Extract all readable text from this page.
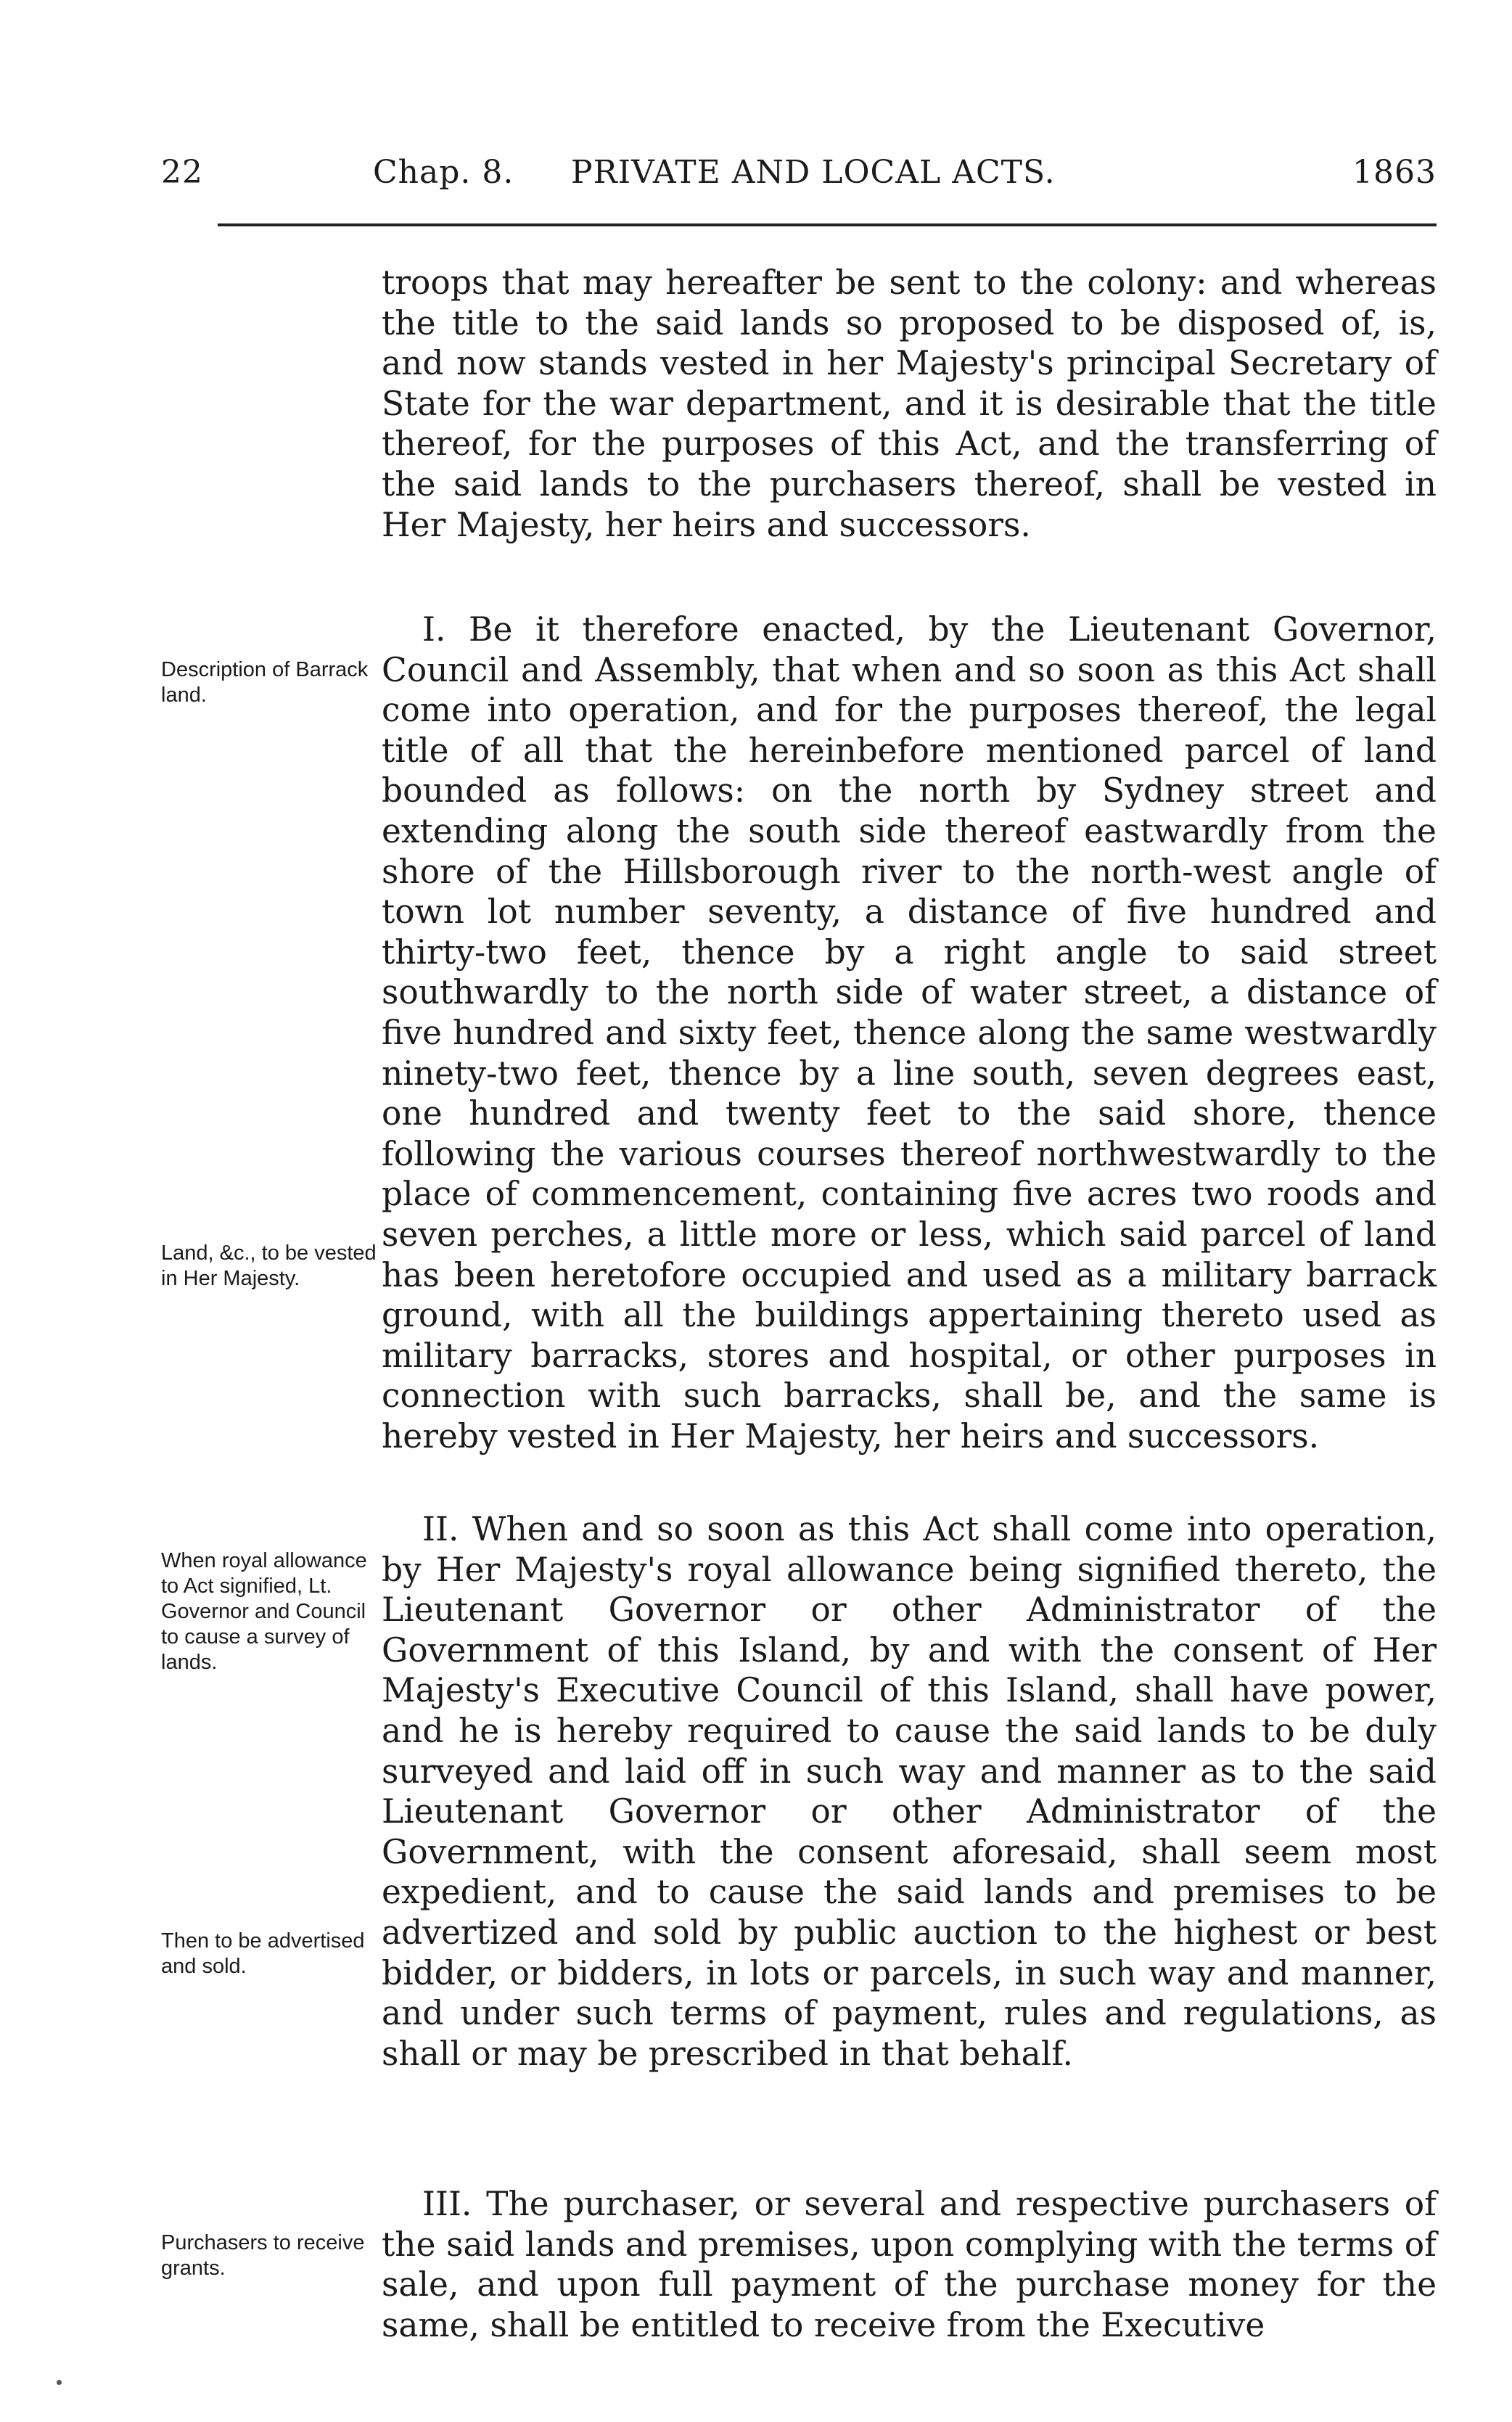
22	Chap. 8. PRIVATE AND LOCAL ACTS.	1863

troops that may hereafter be sent to the colony: and whereas the title to the said lands so proposed to be disposed of, is, and now stands vested in her Majesty's principal Secretary of State for the war department, and it is desirable that the title thereof, for the purposes of this Act, and the transferring of the said lands to the purchasers thereof, shall be vested in Her Majesty, her heirs and successors.

Description of Barrack land.

I. Be it therefore enacted, by the Lieutenant Governor, Council and Assembly, that when and so soon as this Act shall come into operation, and for the purposes thereof, the legal title of all that the hereinbefore mentioned parcel of land bounded as follows: on the north by Sydney street and extending along the south side thereof eastwardly from the shore of the Hillsborough river to the north-west angle of town lot number seventy, a distance of five hundred and thirty-two feet, thence by a right angle to said street southwardly to the north side of water street, a distance of five hundred and sixty feet, thence along the same westwardly ninety-two feet, thence by a line south, seven degrees east, one hundred and twenty feet to the said shore, thence following the various courses thereof northwestwardly to the place of commencement, containing five acres two roods and seven perches, a little more or less, which said parcel of land has been heretofore occupied and used as a military barrack ground, with all the buildings appertaining thereto used as military barracks, stores and hospital, or other purposes in connection with such barracks, shall be, and the same is hereby vested in Her Majesty, her heirs and successors.

Land, &c., to be vested in Her Majesty.

II. When and so soon as this Act shall come into operation, by Her Majesty's royal allowance being signified thereto, the Lieutenant Governor or other Administrator of the Government of this Island, by and with the consent of Her Majesty's Executive Council of this Island, shall have power, and he is hereby required to cause the said lands to be duly surveyed and laid off in such way and manner as to the said Lieutenant Governor or other Administrator of the Government, with the consent aforesaid, shall seem most expedient, and to cause the said lands and premises to be advertized and sold by public auction to the highest or best bidder, or bidders, in lots or parcels, in such way and manner, and under such terms of payment, rules and regulations, as shall or may be prescribed in that behalf.

When royal allowance to Act signified, Lt. Governor and Council to cause a survey of lands.

Then to be advertised and sold.

III. The purchaser, or several and respective purchasers of the said lands and premises, upon complying with the terms of sale, and upon full payment of the purchase money for the same, shall be entitled to receive from the Executive

Purchasers to receive grants.
